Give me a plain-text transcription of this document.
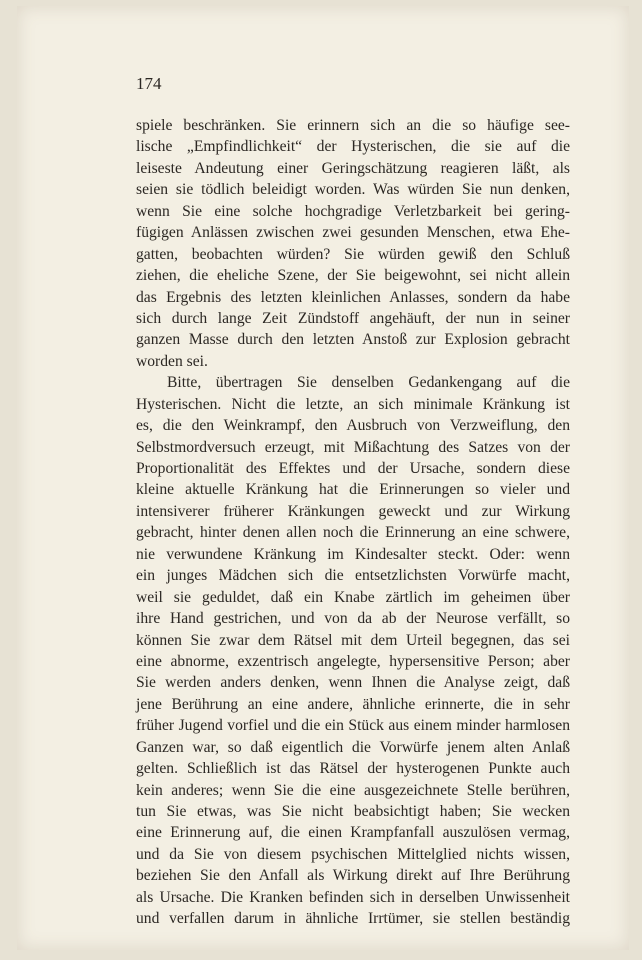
174

spiele beschränken. Sie erinnern sich an die so häufige see-
lische „Empfindlichkeit“ der Hysterischen, die sie auf die
leiseste Andeutung einer Geringschätzung reagieren läßt, als
seien sie tödlich beleidigt worden. Was würden Sie nun denken,
wenn Sie eine solche hochgradige Verletzbarkeit bei gering-
fügigen Anlässen zwischen zwei gesunden Menschen, etwa Ehe-
gatten, beobachten würden? Sie würden gewiß den Schluß
ziehen, die eheliche Szene, der Sie beigewohnt, sei nicht allein
das Ergebnis des letzten kleinlichen Anlasses, sondern da habe
sich durch lange Zeit Zündstoff angehäuft, der nun in seiner
ganzen Masse durch den letzten Anstoß zur Explosion gebracht
worden sei.
Bitte, übertragen Sie denselben Gedankengang auf die
Hysterischen. Nicht die letzte, an sich minimale Kränkung ist
es, die den Weinkrampf, den Ausbruch von Verzweiflung, den
Selbstmordversuch erzeugt, mit Mißachtung des Satzes von der
Proportionalität des Effektes und der Ursache, sondern diese
kleine aktuelle Kränkung hat die Erinnerungen so vieler und
intensiverer früherer Kränkungen geweckt und zur Wirkung
gebracht, hinter denen allen noch die Erinnerung an eine schwere,
nie verwundene Kränkung im Kindesalter steckt. Oder: wenn
ein junges Mädchen sich die entsetzlichsten Vorwürfe macht,
weil sie geduldet, daß ein Knabe zärtlich im geheimen über
ihre Hand gestrichen, und von da ab der Neurose verfällt, so
können Sie zwar dem Rätsel mit dem Urteil begegnen, das sei
eine abnorme, exzentrisch angelegte, hypersensitive Person; aber
Sie werden anders denken, wenn Ihnen die Analyse zeigt, daß
jene Berührung an eine andere, ähnliche erinnerte, die in sehr
früher Jugend vorfiel und die ein Stück aus einem minder harmlosen
Ganzen war, so daß eigentlich die Vorwürfe jenem alten Anlaß
gelten. Schließlich ist das Rätsel der hysterogenen Punkte auch
kein anderes; wenn Sie die eine ausgezeichnete Stelle berühren,
tun Sie etwas, was Sie nicht beabsichtigt haben; Sie wecken
eine Erinnerung auf, die einen Krampfanfall auszulösen vermag,
und da Sie von diesem psychischen Mittelglied nichts wissen,
beziehen Sie den Anfall als Wirkung direkt auf Ihre Berührung
als Ursache. Die Kranken befinden sich in derselben Unwissenheit
und verfallen darum in ähnliche Irrtümer, sie stellen beständig
